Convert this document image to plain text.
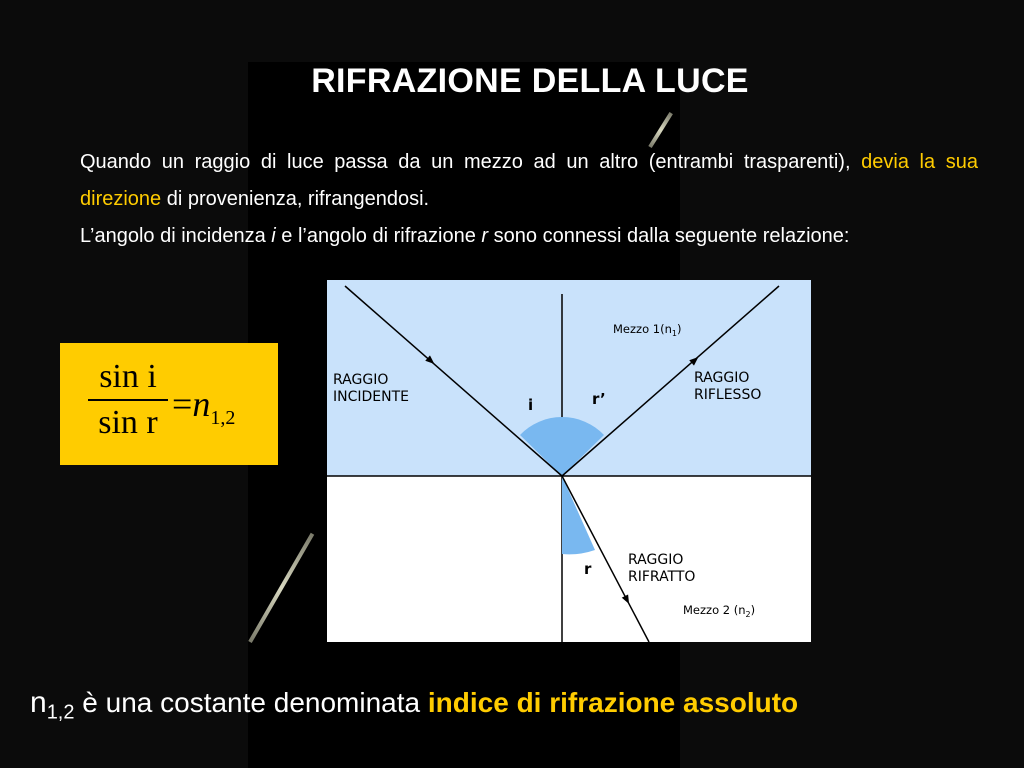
RIFRAZIONE DELLA LUCE

Quando un raggio di luce passa da un mezzo ad un altro (entrambi trasparenti), devia la sua direzione di provenienza, rifrangendosi.
L’angolo di incidenza i e l’angolo di rifrazione r sono connessi dalla seguente relazione:

sin i
$\sin r =n_{1,2}$
Mezzo $1(n_1)$
RAGGIO INCIDENTE
RAGGIO RIFLESSO
i	r’
RAGGIO RIFRATTO
r
Mezzo 2 $(n_2)$
$n_{1,2}$ è una costante denominata indice di rifrazione assoluto
